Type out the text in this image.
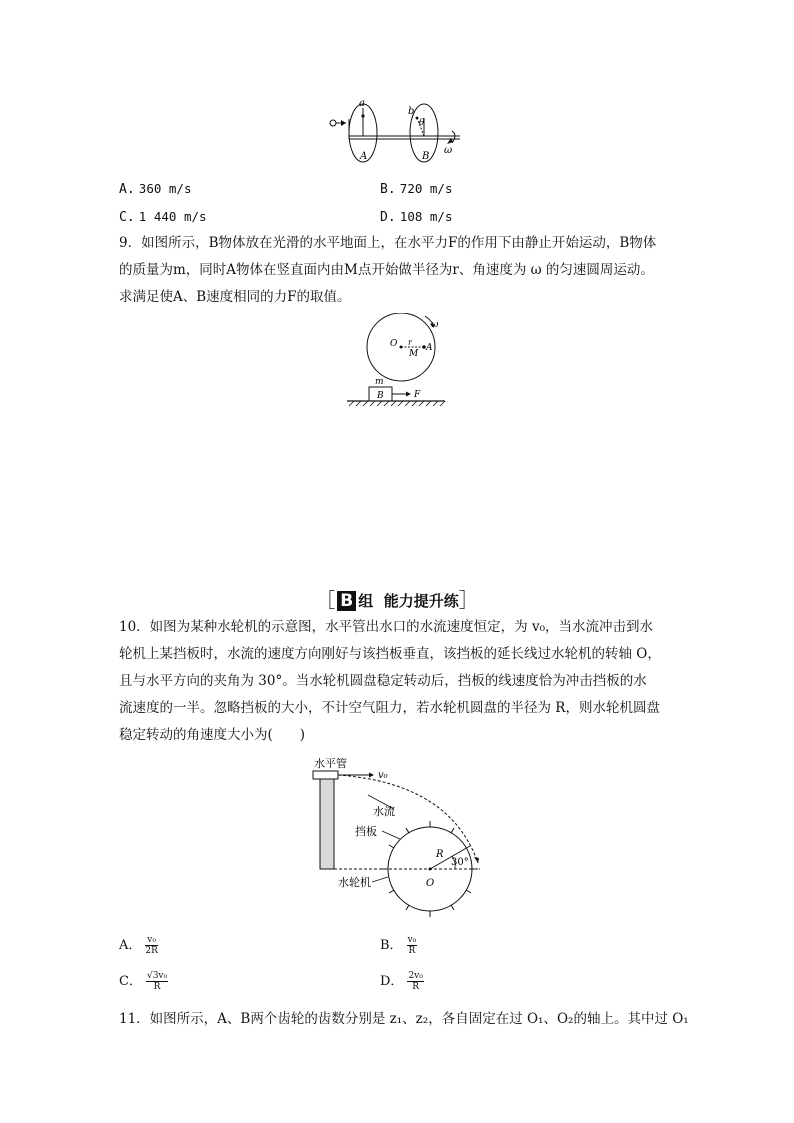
a
b
θ
A	B
ω
A. 360 m/s	B. 720 m/s
C. 1 440 m/s	D. 108 m/s
9．如图所示，B物体放在光滑的水平地面上，在水平力F的作用下由静止开始运动，B物体
的质量为m，同时A物体在竖直面内由M点开始做半径为r、角速度为 ω 的匀速圆周运动。
求满足使A、B速度相同的力F的取值。
O r
A
M
ω
m
B	F
［ B 组 能力提升练］
10．如图为某种水轮机的示意图，水平管出水口的水流速度恒定，为 v₀，当水流冲击到水
轮机上某挡板时，水流的速度方向刚好与该挡板垂直，该挡板的延长线过水轮机的转轴 O，
且与水平方向的夹角为 30°。当水轮机圆盘稳定转动后，挡板的线速度恰为冲击挡板的水
流速度的一半。忽略挡板的大小，不计空气阻力，若水轮机圆盘的半径为 R，则水轮机圆盘
稳定转动的角速度大小为(　　)
水平管
v₀
水流
挡板
R
30°
O
水轮机
A． $\frac{\text{v₀}}{2R}$	B． $\frac{\text{v₀}}{R}$
C． $\frac{\text{√3v₀}}{R}$	D． $\frac{\text{2v₀}}{R}$
11．如图所示，A、B两个齿轮的齿数分别是 z₁、z₂，各自固定在过 O₁、O₂的轴上。其中过 O₁
